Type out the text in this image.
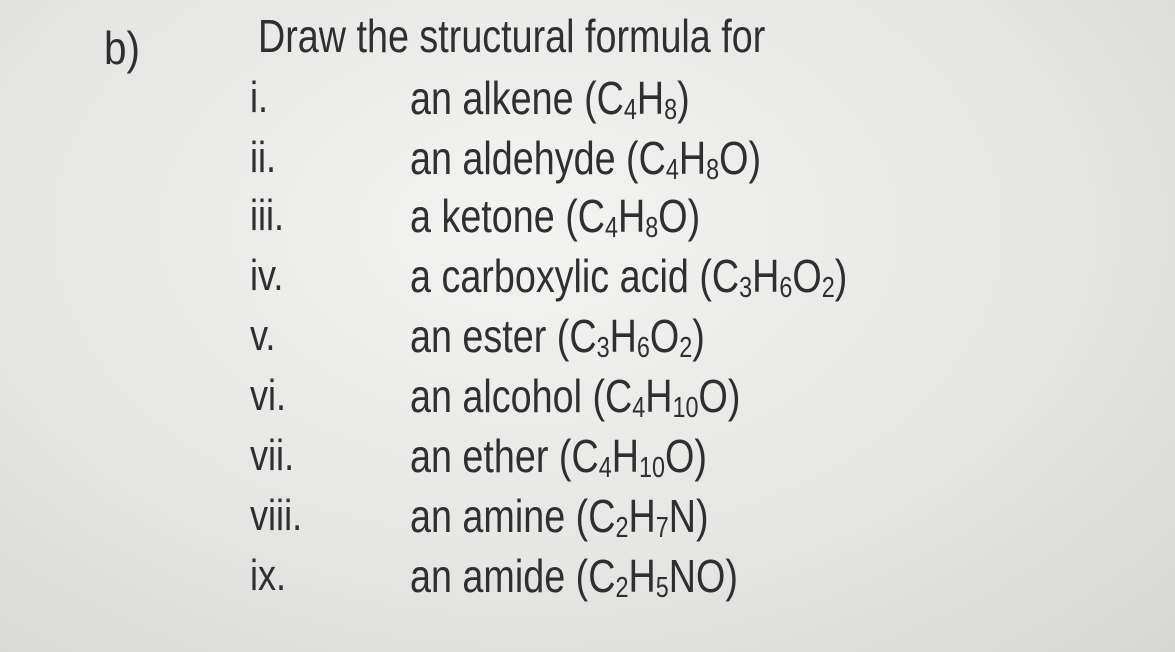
b)	Draw the structural formula for
i.	an alkene (C4H8)
ii.	an aldehyde (C4H8O)
iii.	a ketone (C4H8O)
iv.	a carboxylic acid (C3H6O2)
v.	an ester (C3H6O2)
vi.	an alcohol (C4H10O)
vii.	an ether (C4H10O)
viii. an amine (C2H7N)
ix.	an amide (C2H5NO)
